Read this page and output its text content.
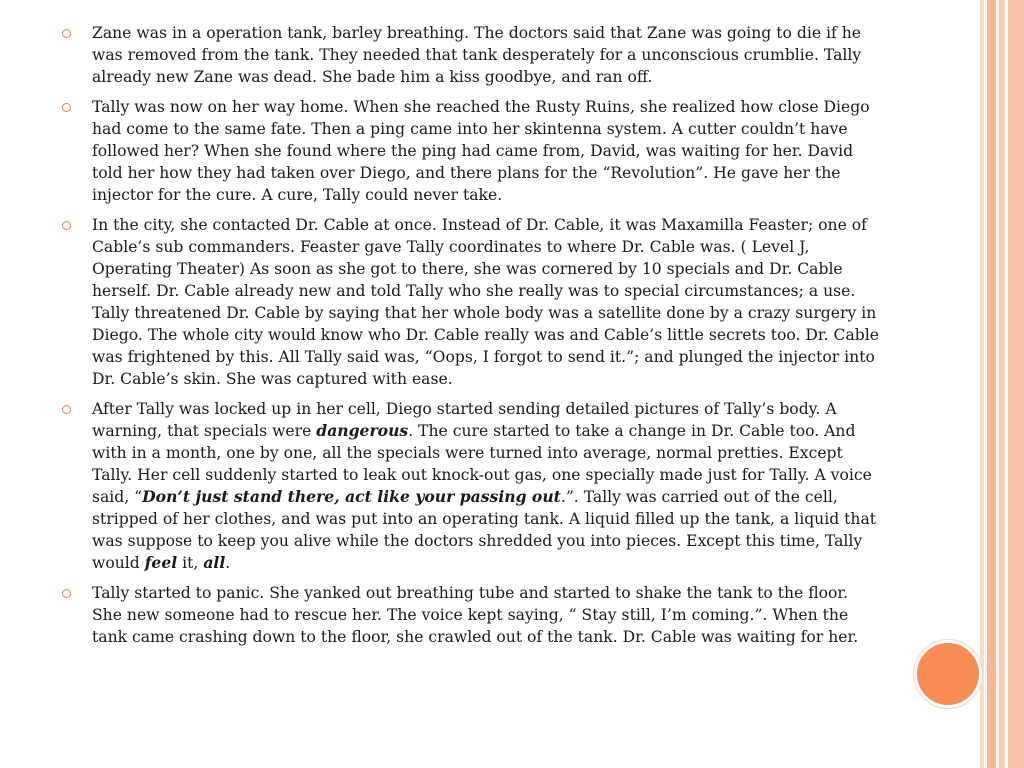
Zane was in a operation tank, barley breathing. The doctors said that Zane was going to die if he was removed from the tank. They needed that tank desperately for a unconscious crumblie. Tally already new Zane was dead. She bade him a kiss goodbye, and ran off.
Tally was now on her way home. When she reached the Rusty Ruins, she realized how close Diego had come to the same fate. Then a ping came into her skintenna system. A cutter couldn’t have followed her? When she found where the ping had came from, David, was waiting for her. David told her how they had taken over Diego, and there plans for the “Revolution”. He gave her the injector for the cure. A cure, Tally could never take.
In the city, she contacted Dr. Cable at once. Instead of Dr. Cable, it was Maxamilla Feaster; one of Cable’s sub commanders. Feaster gave Tally coordinates to where Dr. Cable was. ( Level J, Operating Theater) As soon as she got to there, she was cornered by 10 specials and Dr. Cable herself. Dr. Cable already new and told Tally who she really was to special circumstances; a use. Tally threatened Dr. Cable by saying that her whole body was a satellite done by a crazy surgery in Diego. The whole city would know who Dr. Cable really was and Cable’s little secrets too. Dr. Cable was frightened by this. All Tally said was, “Oops, I forgot to send it.”; and plunged the injector into Dr. Cable’s skin. She was captured with ease.
After Tally was locked up in her cell, Diego started sending detailed pictures of Tally’s body. A warning, that specials were dangerous. The cure started to take a change in Dr. Cable too. And with in a month, one by one, all the specials were turned into average, normal pretties. Except Tally. Her cell suddenly started to leak out knock-out gas, one specially made just for Tally. A voice said, “Don’t just stand there, act like your passing out.”. Tally was carried out of the cell, stripped of her clothes, and was put into an operating tank. A liquid filled up the tank, a liquid that was suppose to keep you alive while the doctors shredded you into pieces. Except this time, Tally would feel it, all.
Tally started to panic. She yanked out breathing tube and started to shake the tank to the floor. She new someone had to rescue her. The voice kept saying, “ Stay still, I’m coming.”. When the tank came crashing down to the floor, she crawled out of the tank. Dr. Cable was waiting for her.
